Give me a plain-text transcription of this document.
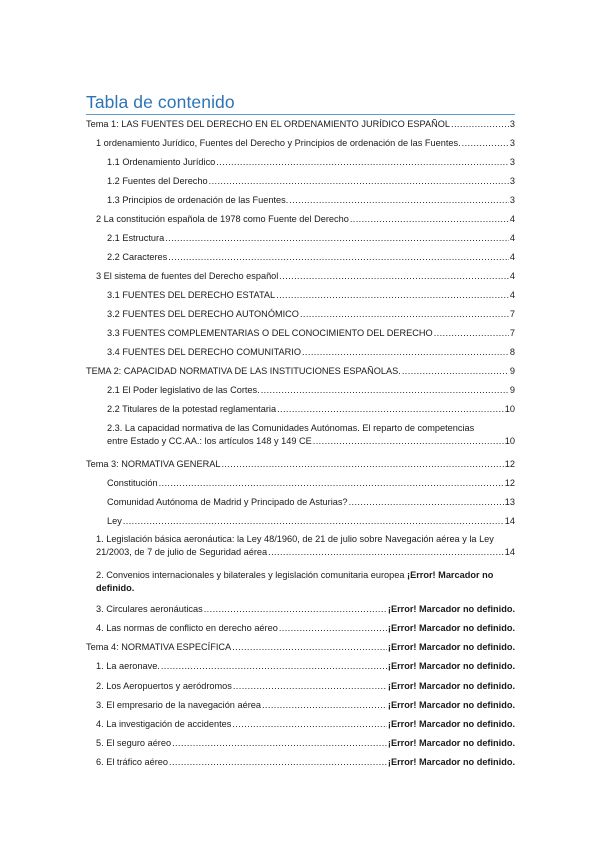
Tabla de contenido
Tema 1: LAS FUENTES DEL DERECHO EN EL ORDENAMIENTO JURÍDICO ESPAÑOL .....	3
1 ordenamiento Jurídico, Fuentes del Derecho y Principios de ordenación de las Fuentes. .....	3
1.1 Ordenamiento Jurídico .....	3
1.2 Fuentes del Derecho .....	3
1.3 Principios de ordenación de las Fuentes. .....	3
2 La constitución española de 1978 como Fuente del Derecho .....	4
2.1 Estructura .....	4
2.2 Caracteres .....	4
3 El sistema de fuentes del Derecho español .....	4
3.1 FUENTES DEL DERECHO ESTATAL .....	4
3.2 FUENTES DEL DERECHO AUTONÓMICO .....	7
3.3 FUENTES COMPLEMENTARIAS O DEL CONOCIMIENTO DEL DERECHO .....	7
3.4 FUENTES DEL DERECHO COMUNITARIO .....	8
TEMA 2: CAPACIDAD NORMATIVA DE LAS INSTITUCIONES ESPAÑOLAS. .....	9
2.1 El Poder legislativo de las Cortes. .....	9
2.2 Titulares de la potestad reglamentaria .....	10
2.3. La capacidad normativa de las Comunidades Autónomas. El reparto de competencias
entre Estado y CC.AA.: los artículos 148 y 149 CE .....	10
Tema 3: NORMATIVA GENERAL .....	12
Constitución .....	12
Comunidad Autónoma de Madrid y Principado de Asturias? .....	13
Ley .....	14
1. Legislación básica aeronáutica: la Ley 48/1960, de 21 de julio sobre Navegación aérea y la Ley
21/2003, de 7 de julio de Seguridad aérea .....	14
2. Convenios internacionales y bilaterales y legislación comunitaria europea ¡Error! Marcador no
definido.
3. Circulares aeronáuticas .....	¡Error! Marcador no definido.
4. Las normas de conflicto en derecho aéreo .....	¡Error! Marcador no definido.
Tema 4: NORMATIVA ESPECÍFICA .....	¡Error! Marcador no definido.
1. La aeronave. .....	¡Error! Marcador no definido.
2. Los Aeropuertos y aeródromos .....	¡Error! Marcador no definido.
3. El empresario de la navegación aérea .....	¡Error! Marcador no definido.
4. La investigación de accidentes .....	¡Error! Marcador no definido.
5. El seguro aéreo .....	¡Error! Marcador no definido.
6. El tráfico aéreo .....	¡Error! Marcador no definido.
